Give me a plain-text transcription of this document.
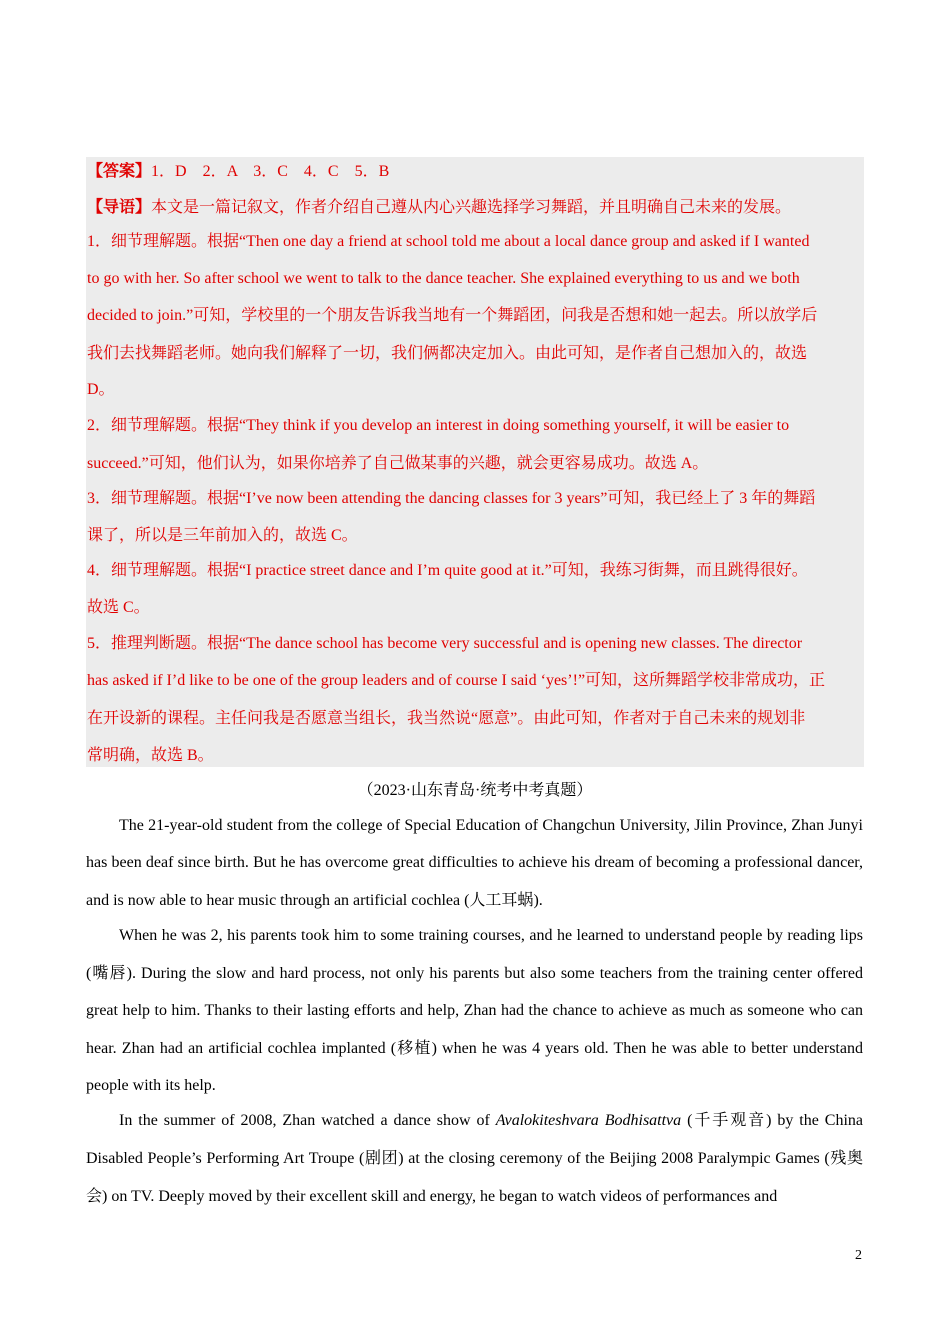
【答案】1．D　2．A　3．C　4．C　5．B
【导语】本文是一篇记叙文，作者介绍自己遵从内心兴趣选择学习舞蹈，并且明确自己未来的发展。
1．细节理解题。根据“Then one day a friend at school told me about a local dance group and asked if I wanted
to go with her. So after school we went to talk to the dance teacher. She explained everything to us and we both
decided to join.”可知，学校里的一个朋友告诉我当地有一个舞蹈团，问我是否想和她一起去。所以放学后
我们去找舞蹈老师。她向我们解释了一切，我们俩都决定加入。由此可知，是作者自己想加入的，故选
D。
2．细节理解题。根据“They think if you develop an interest in doing something yourself, it will be easier to
succeed.”可知，他们认为，如果你培养了自己做某事的兴趣，就会更容易成功。故选 A。
3．细节理解题。根据“I’ve now been attending the dancing classes for 3 years”可知，我已经上了 3 年的舞蹈
课了，所以是三年前加入的，故选 C。
4．细节理解题。根据“I practice street dance and I’m quite good at it.”可知，我练习街舞，而且跳得很好。
故选 C。
5．推理判断题。根据“The dance school has become very successful and is opening new classes. The director
has asked if I’d like to be one of the group leaders and of course I said ‘yes’!”可知，这所舞蹈学校非常成功，正
在开设新的课程。主任问我是否愿意当组长，我当然说“愿意”。由此可知，作者对于自己未来的规划非
常明确，故选 B。
（2023·山东青岛·统考中考真题）

The 21-year-old student from the college of Special Education of Changchun University, Jilin Province, Zhan Junyi has been deaf since birth. But he has overcome great difficulties to achieve his dream of becoming a professional dancer, and is now able to hear music through an artificial cochlea (人工耳蜗).

When he was 2, his parents took him to some training courses, and he learned to understand people by reading lips (嘴唇). During the slow and hard process, not only his parents but also some teachers from the training center offered great help to him. Thanks to their lasting efforts and help, Zhan had the chance to achieve as much as someone who can hear. Zhan had an artificial cochlea implanted (移植) when he was 4 years old. Then he was able to better understand people with its help.

In the summer of 2008, Zhan watched a dance show of Avalokiteshvara Bodhisattva (千手观音) by the China Disabled People’s Performing Art Troupe (剧团) at the closing ceremony of the Beijing 2008 Paralympic Games (残奥会) on TV. Deeply moved by their excellent skill and energy, he began to watch videos of performances and

2
